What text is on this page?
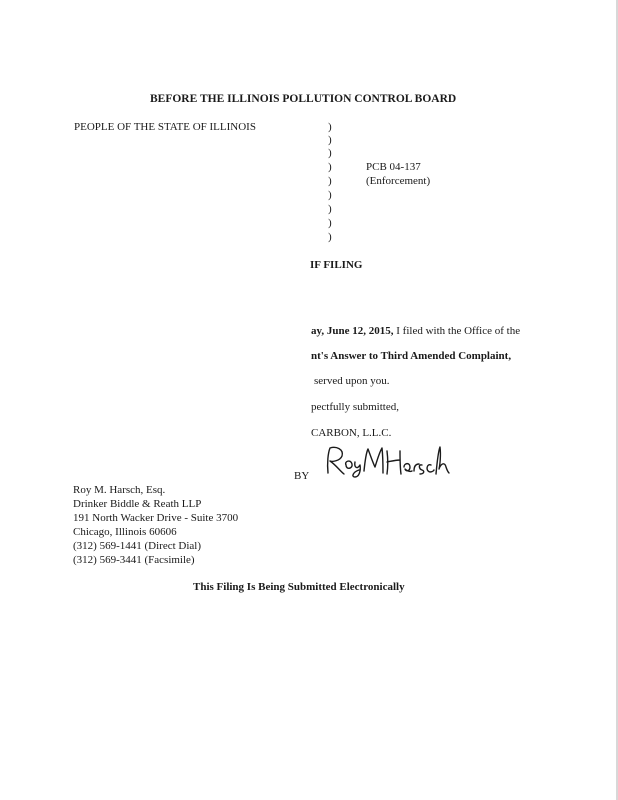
BEFORE THE ILLINOIS POLLUTION CONTROL BOARD
PEOPLE OF THE STATE OF ILLINOIS	)
)
)
)
)
)
)
)
)
PCB 04-137
(Enforcement)
IF FILING
ay, June 12, 2015, I filed with the Office of the
nt's Answer to Third Amended Complaint,
served upon you.
pectfully submitted,
CARBON, L.L.C.
BY
Roy M. Harsch, Esq.
Drinker Biddle & Reath LLP
191 North Wacker Drive - Suite 3700
Chicago, Illinois 60606
(312) 569-1441 (Direct Dial)
(312) 569-3441 (Facsimile)
This Filing Is Being Submitted Electronically
